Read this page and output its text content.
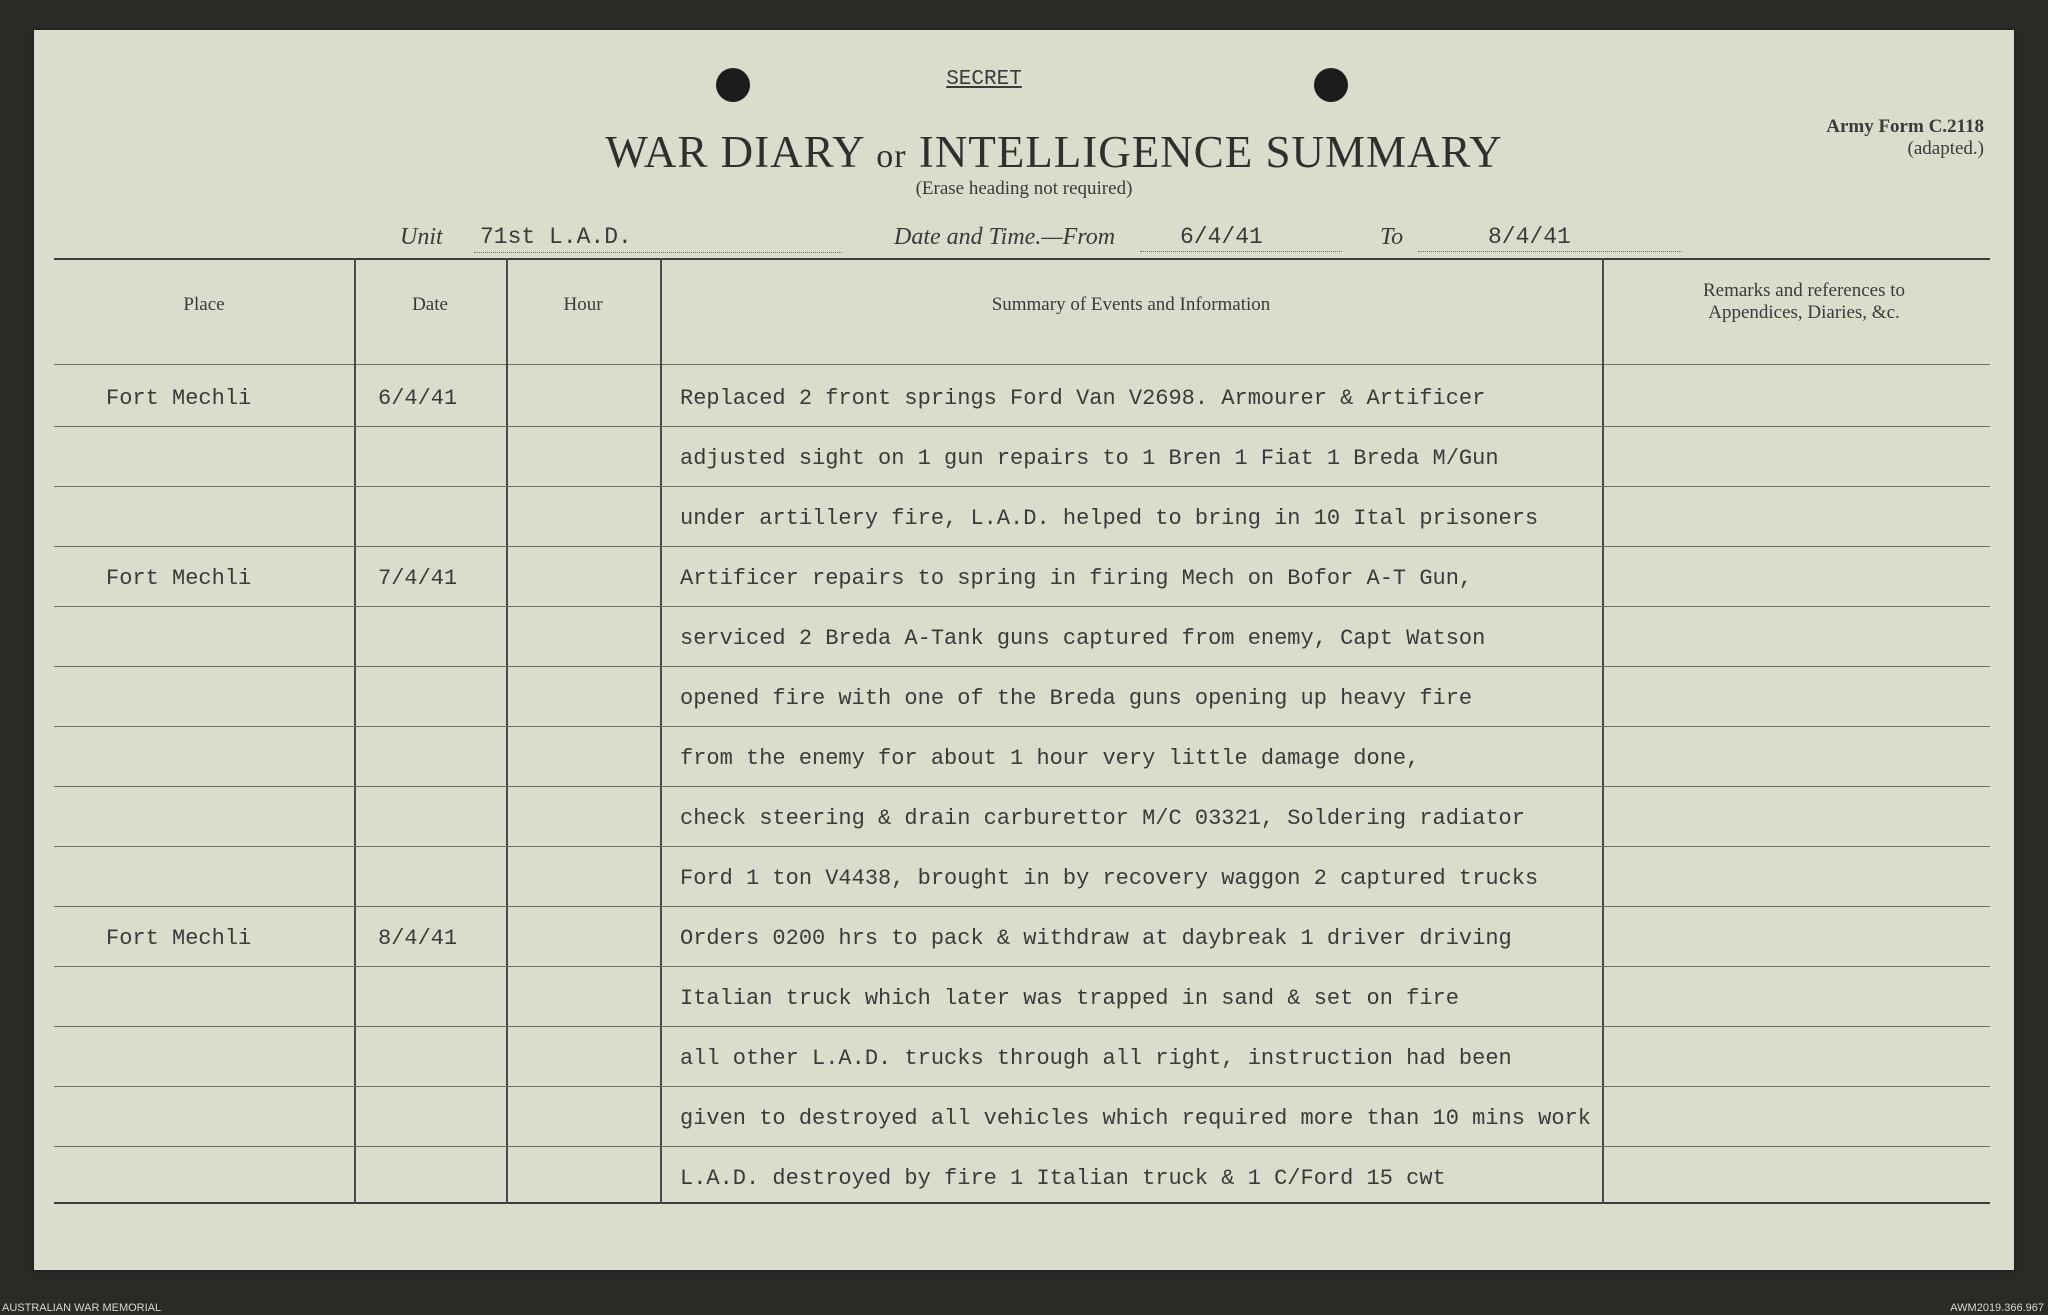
SECRET
WAR DIARY or INTELLIGENCE SUMMARY
(Erase heading not required)
Army Form C.2118
(adapted.)
Unit 71st L.A.D.	Date and Time.—From	6/4/41	To	8/4/41
Place	Date	Hour	Summary of Events and Information
Remarks and references to Appendices, Diaries, &c.
Fort Mechli	6/4/41	Replaced 2 front springs Ford Van V2698. Armourer & Artificer
adjusted sight on 1 gun repairs to 1 Bren 1 Fiat 1 Breda M/Gun
under artillery fire, L.A.D. helped to bring in 10 Ital prisoners
Fort Mechli	7/4/41	Artificer repairs to spring in firing Mech on Bofor A-T Gun,
serviced 2 Breda A-Tank guns captured from enemy, Capt Watson
opened fire with one of the Breda guns opening up heavy fire
from the enemy for about 1 hour very little damage done,
check steering & drain carburettor M/C 03321, Soldering radiator
Ford 1 ton V4438, brought in by recovery waggon 2 captured trucks
Fort Mechli	8/4/41	Orders 0200 hrs to pack & withdraw at daybreak 1 driver driving
Italian truck which later was trapped in sand & set on fire
all other L.A.D. trucks through all right, instruction had been
given to destroyed all vehicles which required more than 10 mins work
L.A.D. destroyed by fire 1 Italian truck & 1 C/Ford 15 cwt
AUSTRALIAN WAR MEMORIAL	AWM2019.366.967
